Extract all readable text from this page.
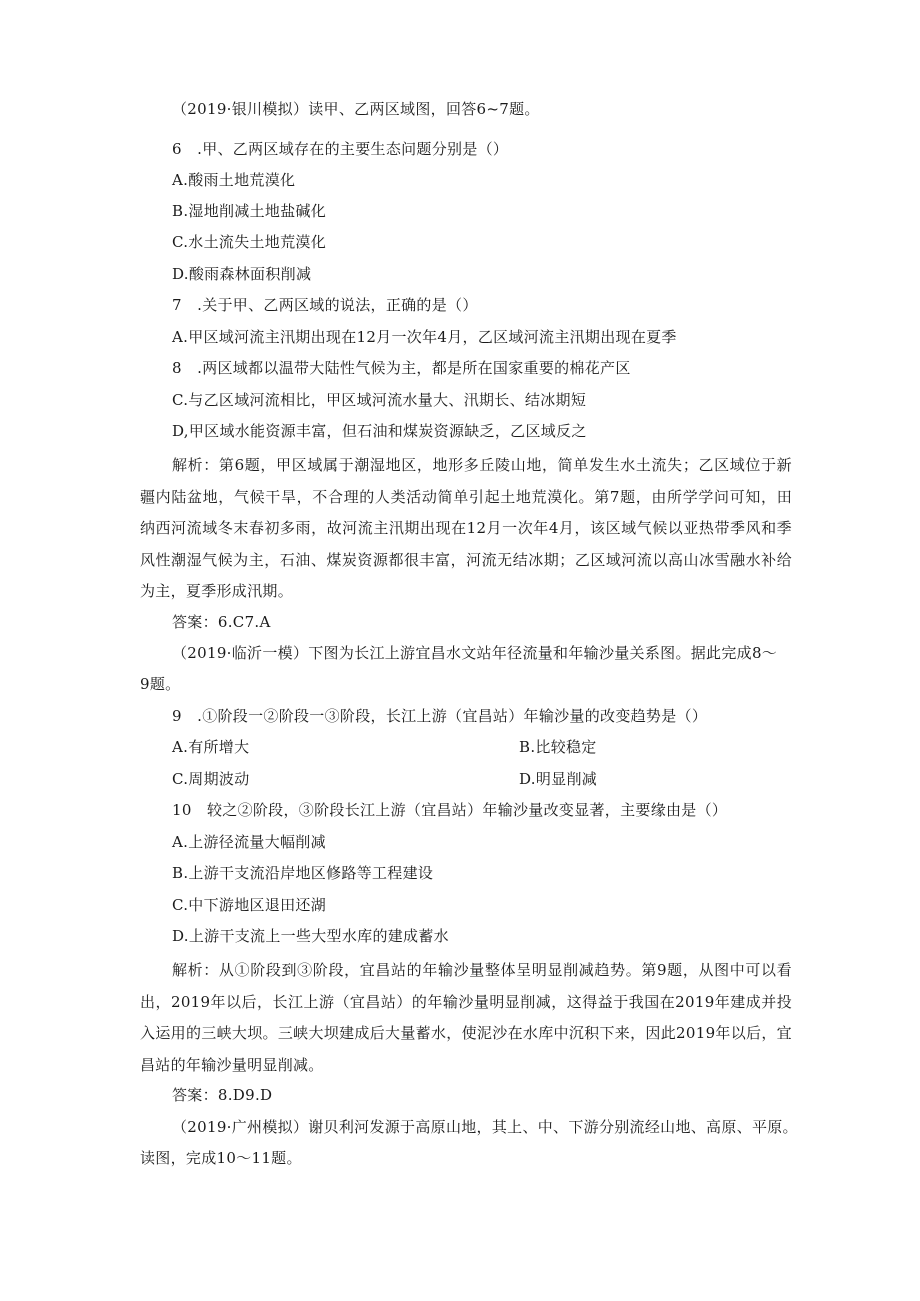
（2019·银川模拟）读甲、乙两区域图，回答6~7题。
6　.甲、乙两区域存在的主要生态问题分别是（）
A.酸雨土地荒漠化
B.湿地削减土地盐碱化
C.水土流失土地荒漠化
D.酸雨森林面积削减
7　.关于甲、乙两区域的说法，正确的是（）
A.甲区域河流主汛期出现在12月一次年4月，乙区域河流主汛期出现在夏季
8　.两区域都以温带大陆性气候为主，都是所在国家重要的棉花产区
C.与乙区域河流相比，甲区域河流水量大、汛期长、结冰期短
D,甲区域水能资源丰富，但石油和煤炭资源缺乏，乙区域反之
解析：第6题，甲区域属于潮湿地区，地形多丘陵山地，简单发生水土流失；乙区域位于新疆内陆盆地，气候干旱，不合理的人类活动简单引起土地荒漠化。第7题，由所学学问可知，田纳西河流域冬末春初多雨，故河流主汛期出现在12月一次年4月，该区域气候以亚热带季风和季风性潮湿气候为主，石油、煤炭资源都很丰富，河流无结冰期；乙区域河流以高山冰雪融水补给为主，夏季形成汛期。
答案：6.C7.A
（2019·临沂一模）下图为长江上游宜昌水文站年径流量和年输沙量关系图。据此完成8～
9题。
9　.①阶段一②阶段一③阶段，长江上游（宜昌站）年输沙量的改变趋势是（）
A.有所增大	B.比较稳定
C.周期波动	D.明显削减
10　较之②阶段，③阶段长江上游（宜昌站）年输沙量改变显著，主要缘由是（）
A.上游径流量大幅削减
B.上游干支流沿岸地区修路等工程建设
C.中下游地区退田还湖
D.上游干支流上一些大型水库的建成蓄水
解析：从①阶段到③阶段，宜昌站的年输沙量整体呈明显削减趋势。第9题，从图中可以看出，2019年以后，长江上游（宜昌站）的年输沙量明显削减，这得益于我国在2019年建成并投入运用的三峡大坝。三峡大坝建成后大量蓄水，使泥沙在水库中沉积下来，因此2019年以后，宜昌站的年输沙量明显削减。
答案：8.D9.D
（2019·广州模拟）谢贝利河发源于高原山地，其上、中、下游分别流经山地、高原、平原。
读图，完成10～11题。
